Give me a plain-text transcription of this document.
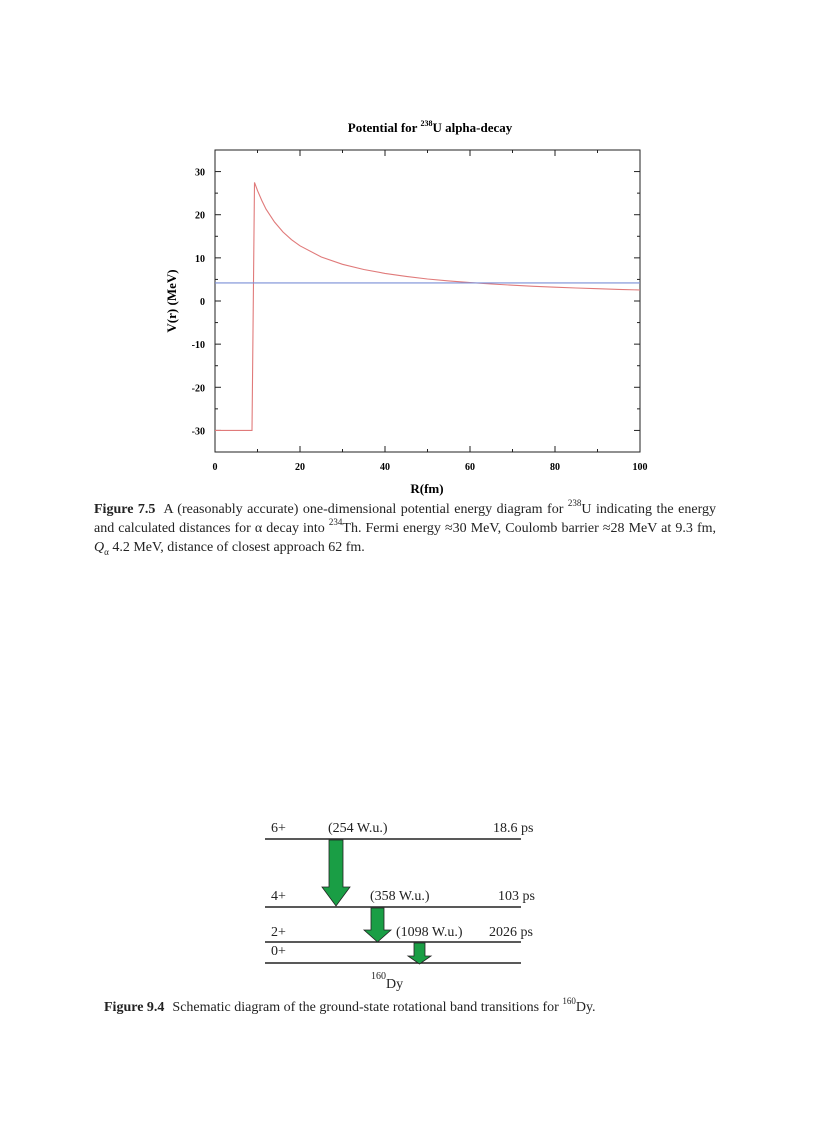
Potential for $^{238}$U alpha-decay
0	20	40	60	80	100
-30
-20
-10
0
10
20
30
R(fm)
V(r) (MeV)
Figure 7.5 A (reasonably accurate) one-dimensional potential energy diagram for $^{238}$U indicating the energy and calculated distances for α decay into $^{234}$Th. Fermi energy ≈30 MeV, Coulomb barrier ≈28 MeV at 9.3 fm, $Q_\alpha$ 4.2 MeV, distance of closest approach 62 fm.
6+	(254 W.u.)	18.6 ps
4+	(358 W.u.)	103 ps
2+	(1098 W.u.) 2026 ps
0+
$^{160}$Dy
Figure 9.4 Schematic diagram of the ground-state rotational band transitions for $^{160}$Dy.
